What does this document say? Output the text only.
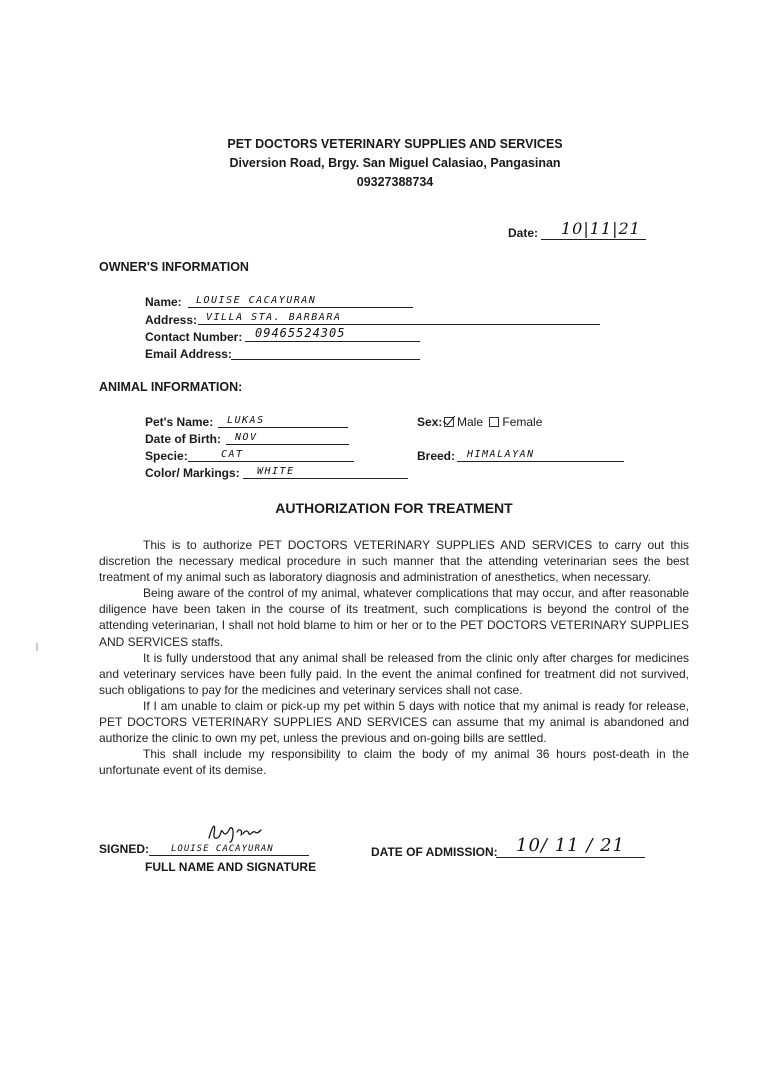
PET DOCTORS VETERINARY SUPPLIES AND SERVICES
Diversion Road, Brgy. San Miguel Calasiao, Pangasinan
09327388734
Date: 10|11|21
OWNER'S INFORMATION
Name: LOUISE CACAYURAN
Address: VILLA STA. BARBARA
Contact Number: 09465524305
Email Address:
ANIMAL INFORMATION:
Pet's Name: LUKAS
Date of Birth: NOV
Specie:	CAT
Color/ Markings: WHITE
Sex:	Male Female
Breed: HIMALAYAN
AUTHORIZATION FOR TREATMENT

This is to authorize PET DOCTORS VETERINARY SUPPLIES AND SERVICES to carry out this discretion the necessary medical procedure in such manner that the attending veterinarian sees the best treatment of my animal such as laboratory diagnosis and administration of anesthetics, when necessary.

Being aware of the control of my animal, whatever complications that may occur, and after reasonable diligence have been taken in the course of its treatment, such complications is beyond the control of the attending veterinarian, I shall not hold blame to him or her or to the PET DOCTORS VETERINARY SUPPLIES AND SERVICES staffs.

It is fully understood that any animal shall be released from the clinic only after charges for medicines and veterinary services have been fully paid. In the event the animal confined for treatment did not survived, such obligations to pay for the medicines and veterinary services shall not case.

If I am unable to claim or pick-up my pet within 5 days with notice that my animal is ready for release, PET DOCTORS VETERINARY SUPPLIES AND SERVICES can assume that my animal is abandoned and authorize the clinic to own my pet, unless the previous and on-going bills are settled.

This shall include my responsibility to claim the body of my animal 36 hours post-death in the unfortunate event of its demise.

SIGNED: LOUISE CACAYURAN
FULL NAME AND SIGNATURE
DATE OF ADMISSION: 10/ 11 / 21
